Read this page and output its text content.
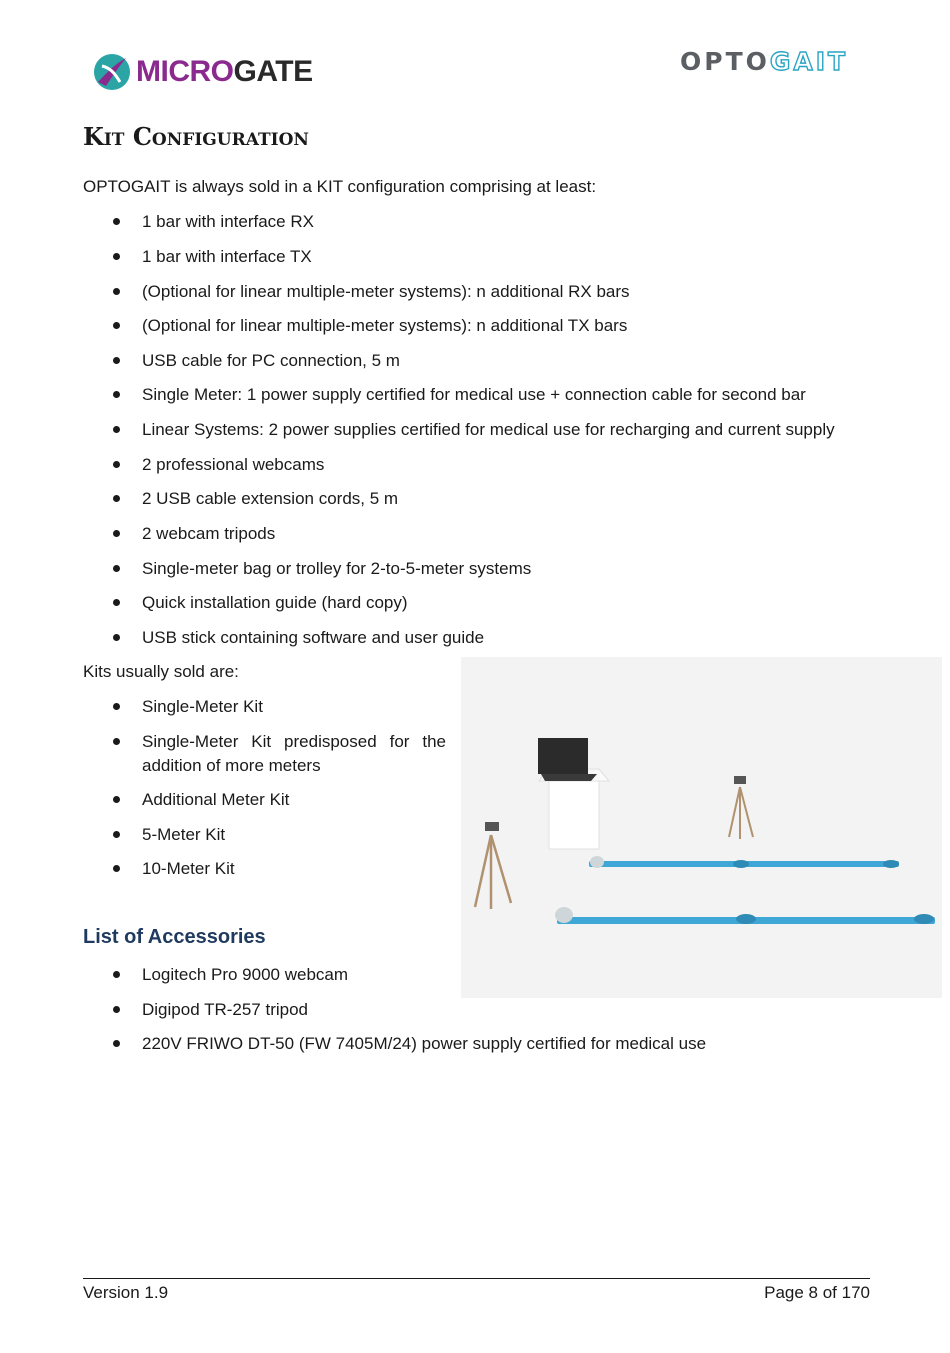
MICROGATE	OPTO GAIT
Kit Configuration
OPTOGAIT is always sold in a KIT configuration comprising at least:
1 bar with interface RX
1 bar with interface TX
(Optional for linear multiple-meter systems): n additional RX bars
(Optional for linear multiple-meter systems): n additional TX bars
USB cable for PC connection, 5 m
Single Meter: 1 power supply certified for medical use + connection cable for second bar
Linear Systems: 2 power supplies certified for medical use for recharging and current supply
2 professional webcams
2 USB cable extension cords, 5 m
2 webcam tripods
Single-meter bag or trolley for 2-to-5-meter systems
Quick installation guide (hard copy)
USB stick containing software and user guide
Kits usually sold are:
Single-Meter Kit
Single-Meter Kit predisposed for the addition of more meters
Additional Meter Kit
5-Meter Kit
10-Meter Kit
List of Accessories
Logitech Pro 9000 webcam
Digipod TR-257 tripod
220V FRIWO DT-50 (FW 7405M/24) power supply certified for medical use
Version 1.9	Page 8 of 170
